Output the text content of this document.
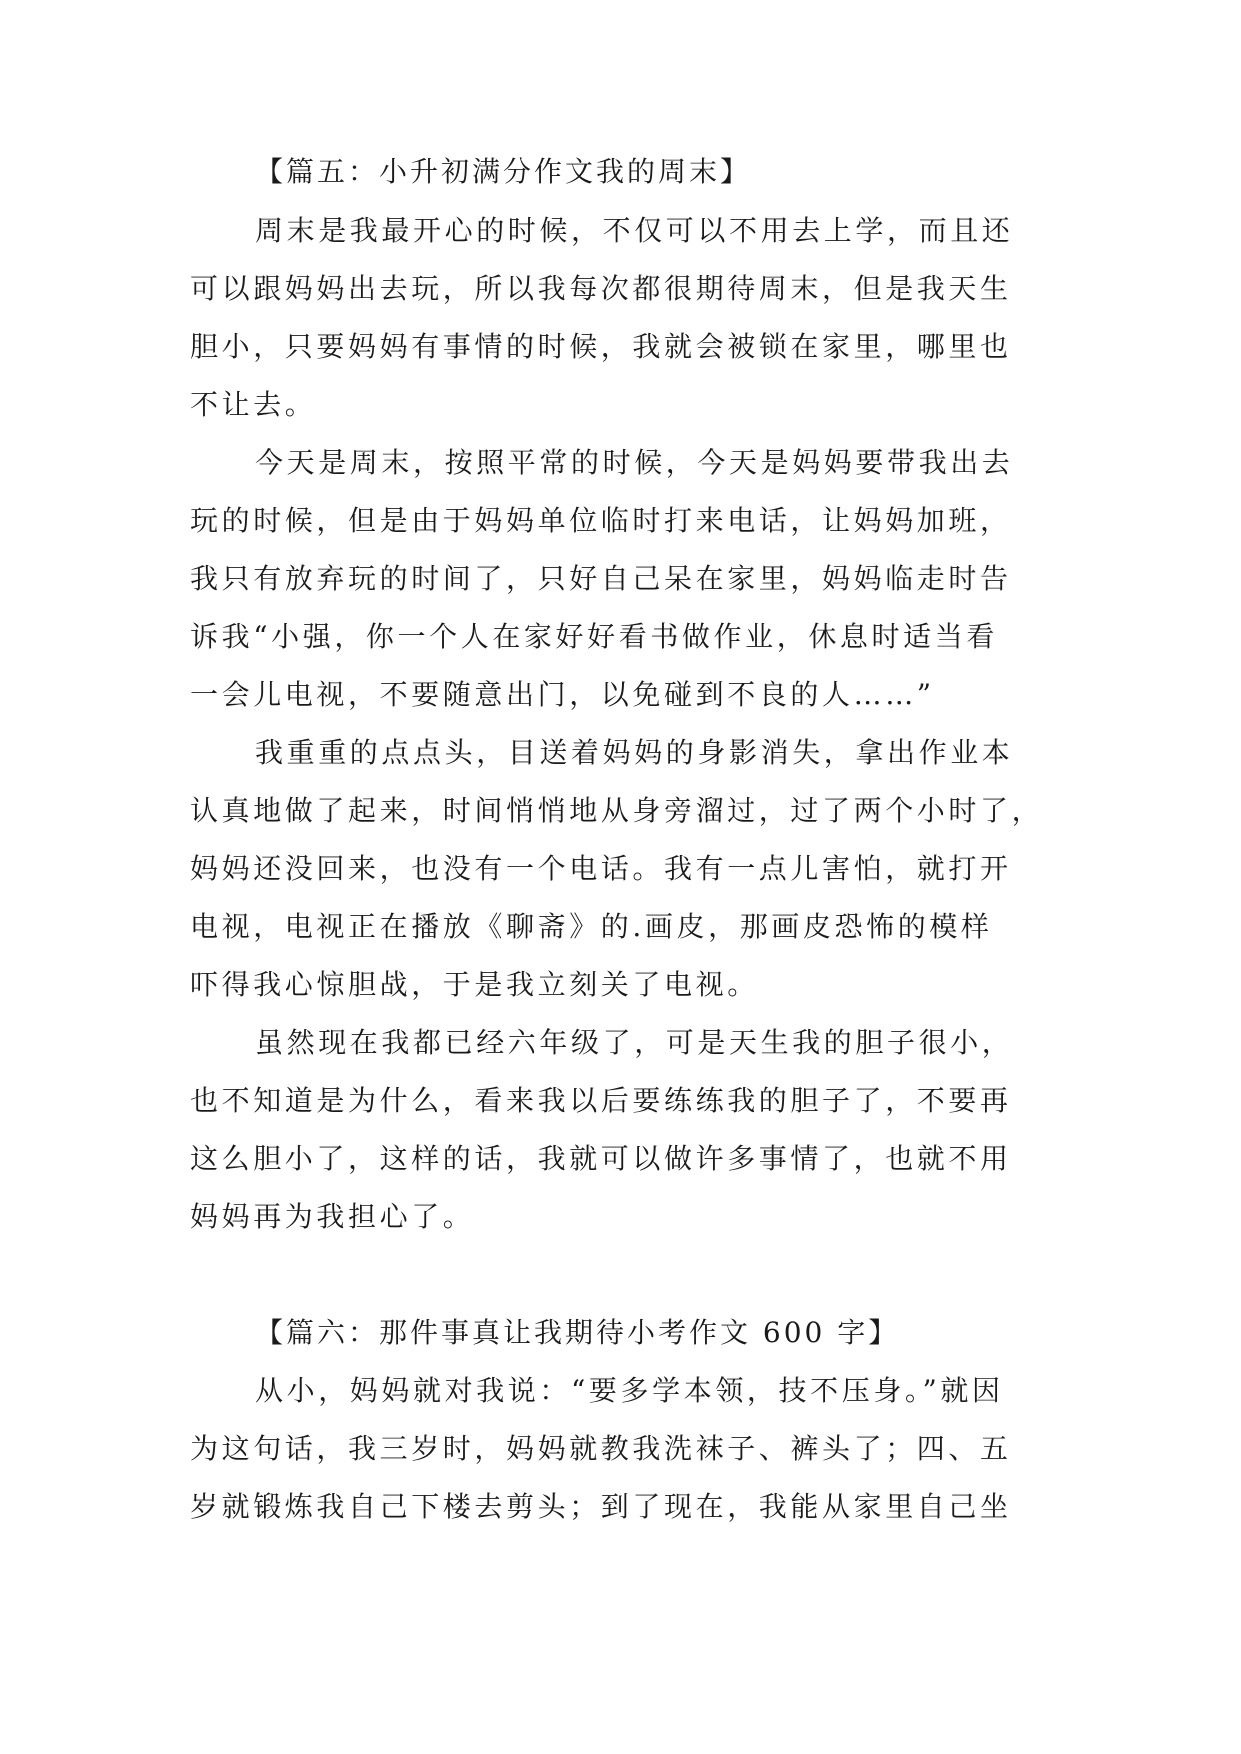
【篇五：小升初满分作文我的周末】
周末是我最开心的时候，不仅可以不用去上学，而且还
可以跟妈妈出去玩，所以我每次都很期待周末，但是我天生
胆小，只要妈妈有事情的时候，我就会被锁在家里，哪里也
不让去。
今天是周末，按照平常的时候，今天是妈妈要带我出去
玩的时候，但是由于妈妈单位临时打来电话，让妈妈加班，
我只有放弃玩的时间了，只好自己呆在家里，妈妈临走时告
诉我“小强，你一个人在家好好看书做作业，休息时适当看
一会儿电视，不要随意出门，以免碰到不良的人……”
我重重的点点头，目送着妈妈的身影消失，拿出作业本
认真地做了起来，时间悄悄地从身旁溜过，过了两个小时了，
妈妈还没回来，也没有一个电话。我有一点儿害怕，就打开
电视，电视正在播放《聊斋》的.画皮，那画皮恐怖的模样
吓得我心惊胆战，于是我立刻关了电视。
虽然现在我都已经六年级了，可是天生我的胆子很小，
也不知道是为什么，看来我以后要练练我的胆子了，不要再
这么胆小了，这样的话，我就可以做许多事情了，也就不用
妈妈再为我担心了。
【篇六：那件事真让我期待小考作文 600 字】
从小，妈妈就对我说：“要多学本领，技不压身。”就因
为这句话，我三岁时，妈妈就教我洗袜子、裤头了；四、五
岁就锻炼我自己下楼去剪头；到了现在，我能从家里自己坐
